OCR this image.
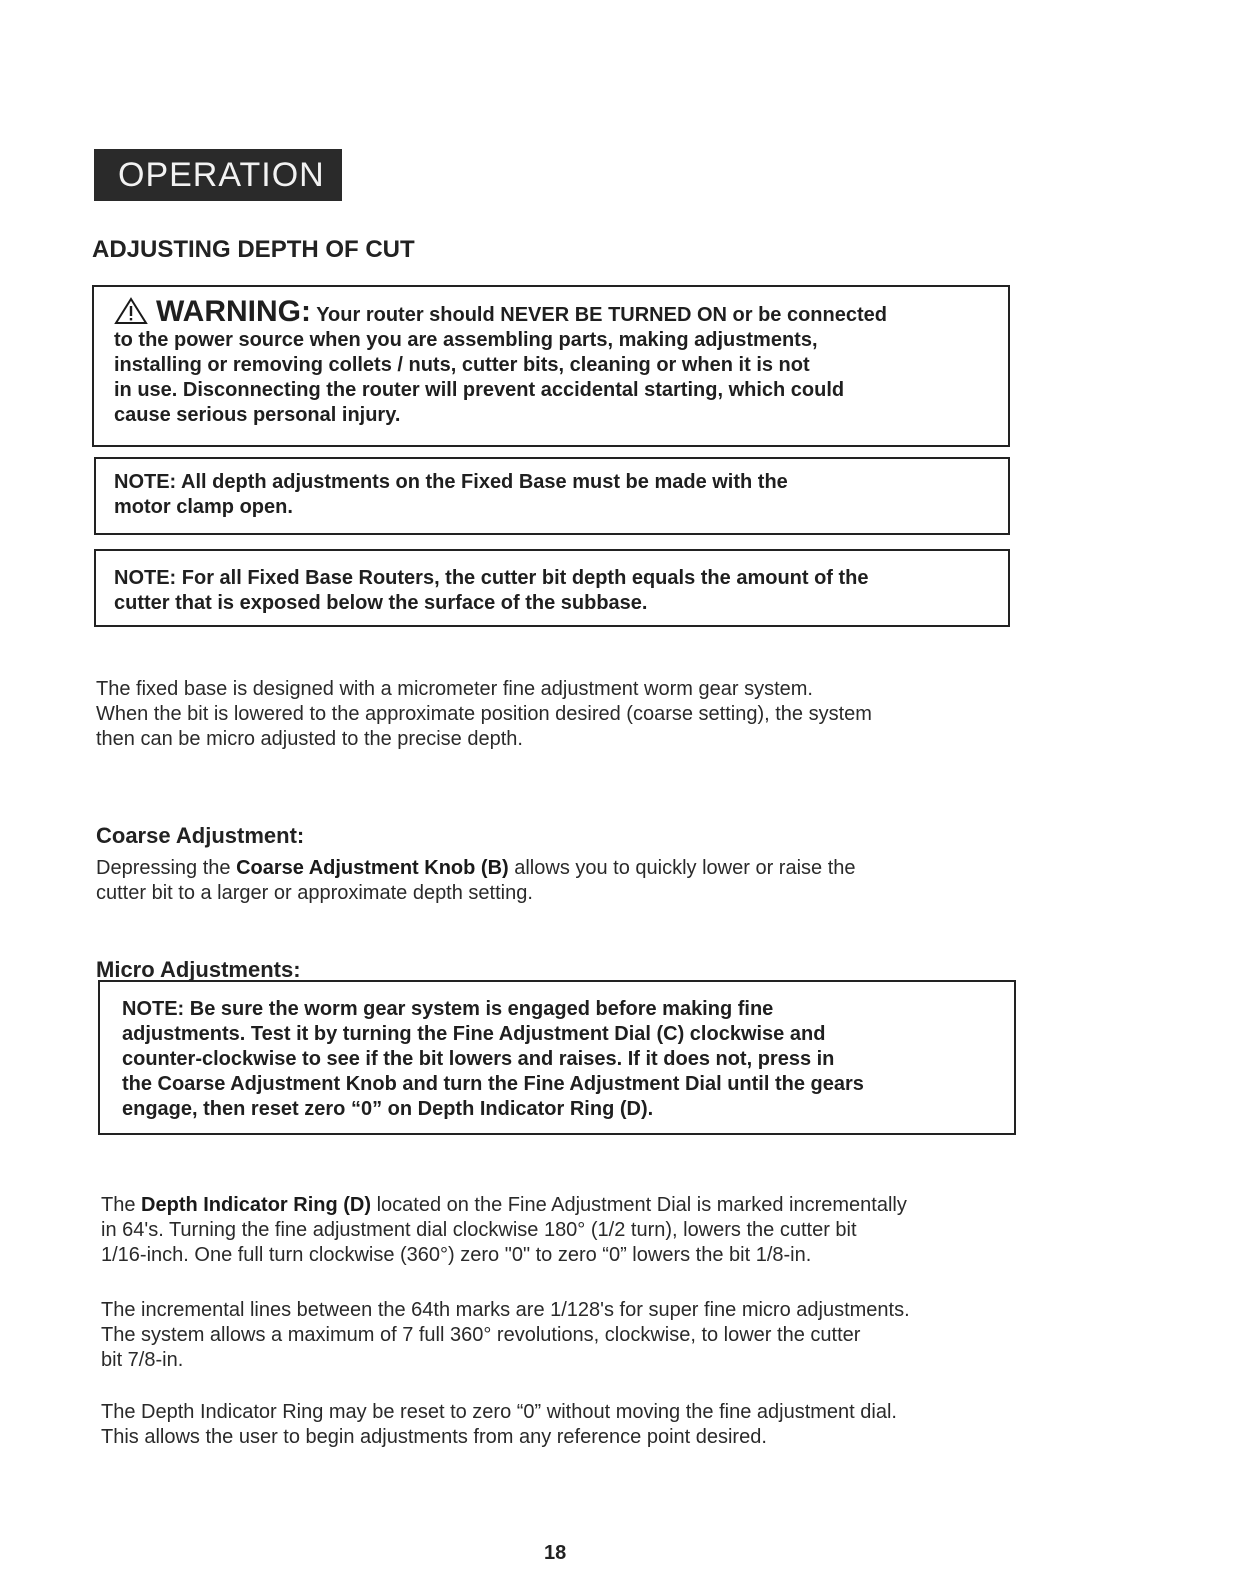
OPERATION
ADJUSTING DEPTH OF CUT
WARNING: Your router should NEVER BE TURNED ON or be connected
to the power source when you are assembling parts, making adjustments,
installing or removing collets / nuts, cutter bits, cleaning or when it is not
in use. Disconnecting the router will prevent accidental starting, which could
cause serious personal injury.
NOTE: All depth adjustments on the Fixed Base must be made with the
motor clamp open.
NOTE: For all Fixed Base Routers, the cutter bit depth equals the amount of the
cutter that is exposed below the surface of the subbase.
The fixed base is designed with a micrometer fine adjustment worm gear system.
When the bit is lowered to the approximate position desired (coarse setting), the system
then can be micro adjusted to the precise depth.
Coarse Adjustment:
Depressing the Coarse Adjustment Knob (B) allows you to quickly lower or raise the
cutter bit to a larger or approximate depth setting.
Micro Adjustments:
NOTE: Be sure the worm gear system is engaged before making fine
adjustments. Test it by turning the Fine Adjustment Dial (C) clockwise and
counter-clockwise to see if the bit lowers and raises. If it does not, press in
the Coarse Adjustment Knob and turn the Fine Adjustment Dial until the gears
engage, then reset zero “0” on Depth Indicator Ring (D).
The Depth Indicator Ring (D) located on the Fine Adjustment Dial is marked incrementally
in 64's. Turning the fine adjustment dial clockwise 180° (1/2 turn), lowers the cutter bit
1/16-inch. One full turn clockwise (360°) zero "0" to zero “0” lowers the bit 1/8-in.
The incremental lines between the 64th marks are 1/128's for super fine micro adjustments.
The system allows a maximum of 7 full 360° revolutions, clockwise, to lower the cutter
bit 7/8-in.
The Depth Indicator Ring may be reset to zero “0” without moving the fine adjustment dial.
This allows the user to begin adjustments from any reference point desired.
18
